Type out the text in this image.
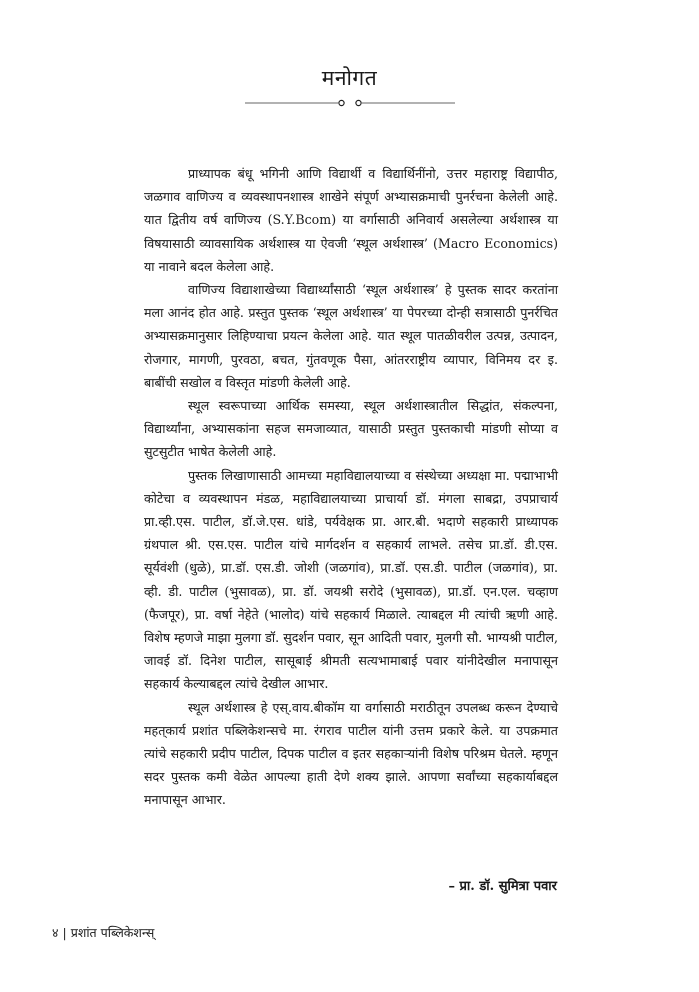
मनोगत

प्राध्यापक बंधू भगिनी आणि विद्यार्थी व विद्यार्थिनींनो, उत्तर महाराष्ट्र विद्यापीठ, जळगाव वाणिज्य व व्यवस्थापनशास्त्र शाखेने संपूर्ण अभ्यासक्रमाची पुनर्रचना केलेली आहे. यात द्वितीय वर्ष वाणिज्य (S.Y.Bcom) या वर्गासाठी अनिवार्य असलेल्या अर्थशास्त्र या विषयासाठी व्यावसायिक अर्थशास्त्र या ऐवजी ‘स्थूल अर्थशास्त्र’ (Macro Economics) या नावाने बदल केलेला आहे.

वाणिज्य विद्याशाखेच्या विद्यार्थ्यांसाठी ‘स्थूल अर्थशास्त्र’ हे पुस्तक सादर करतांना मला आनंद होत आहे. प्रस्तुत पुस्तक ‘स्थूल अर्थशास्त्र’ या पेपरच्या दोन्ही सत्रासाठी पुनर्रचित अभ्यासक्रमानुसार लिहिण्याचा प्रयत्न केलेला आहे. यात स्थूल पातळीवरील उत्पन्न, उत्पादन, रोजगार, मागणी, पुरवठा, बचत, गुंतवणूक पैसा, आंतरराष्ट्रीय व्यापार, विनिमय दर इ. बाबींची सखोल व विस्तृत मांडणी केलेली आहे.

स्थूल स्वरूपाच्या आर्थिक समस्या, स्थूल अर्थशास्त्रातील सिद्धांत, संकल्पना, विद्यार्थ्यांना, अभ्यासकांना सहज समजाव्यात, यासाठी प्रस्तुत पुस्तकाची मांडणी सोप्या व सुटसुटीत भाषेत केलेली आहे.

पुस्तक लिखाणासाठी आमच्या महाविद्यालयाच्या व संस्थेच्या अध्यक्षा मा. पद्माभाभी कोटेचा व व्यवस्थापन मंडळ, महाविद्यालयाच्या प्राचार्या डॉ. मंगला साबद्रा, उपप्राचार्य प्रा.व्ही.एस. पाटील, डॉ.जे.एस. धांडे, पर्यवेक्षक प्रा. आर.बी. भदाणे सहकारी प्राध्यापक ग्रंथपाल श्री. एस.एस. पाटील यांचे मार्गदर्शन व सहकार्य लाभले. तसेच प्रा.डॉ. डी.एस. सूर्यवंशी (धुळे), प्रा.डॉ. एस.डी. जोशी (जळगांव), प्रा.डॉ. एस.डी. पाटील (जळगांव), प्रा. व्ही. डी. पाटील (भुसावळ), प्रा. डॉ. जयश्री सरोदे (भुसावळ), प्रा.डॉ. एन.एल. चव्हाण (फैजपूर), प्रा. वर्षा नेहेते (भालोद) यांचे सहकार्य मिळाले. त्याबद्दल मी त्यांची ऋणी आहे. विशेष म्हणजे माझा मुलगा डॉ. सुदर्शन पवार, सून आदिती पवार, मुलगी सौ. भाग्यश्री पाटील, जावई डॉ. दिनेश पाटील, सासूबाई श्रीमती सत्यभामाबाई पवार यांनीदेखील मनापासून सहकार्य केल्याबद्दल त्यांचे देखील आभार.

स्थूल अर्थशास्त्र हे एस्.वाय.बीकॉम या वर्गासाठी मराठीतून उपलब्ध करून देण्याचे महत्‌कार्य प्रशांत पब्लिकेशन्सचे मा. रंगराव पाटील यांनी उत्तम प्रकारे केले. या उपक्रमात त्यांचे सहकारी प्रदीप पाटील, दिपक पाटील व इतर सहकाऱ्यांनी विशेष परिश्रम घेतले. म्हणून सदर पुस्तक कमी वेळेत आपल्या हाती देणे शक्य झाले. आपणा सर्वांच्या सहकार्याबद्दल मनापासून आभार.

– प्रा. डॉ. सुमित्रा पवार
४ | प्रशांत पब्लिकेशन्स्
